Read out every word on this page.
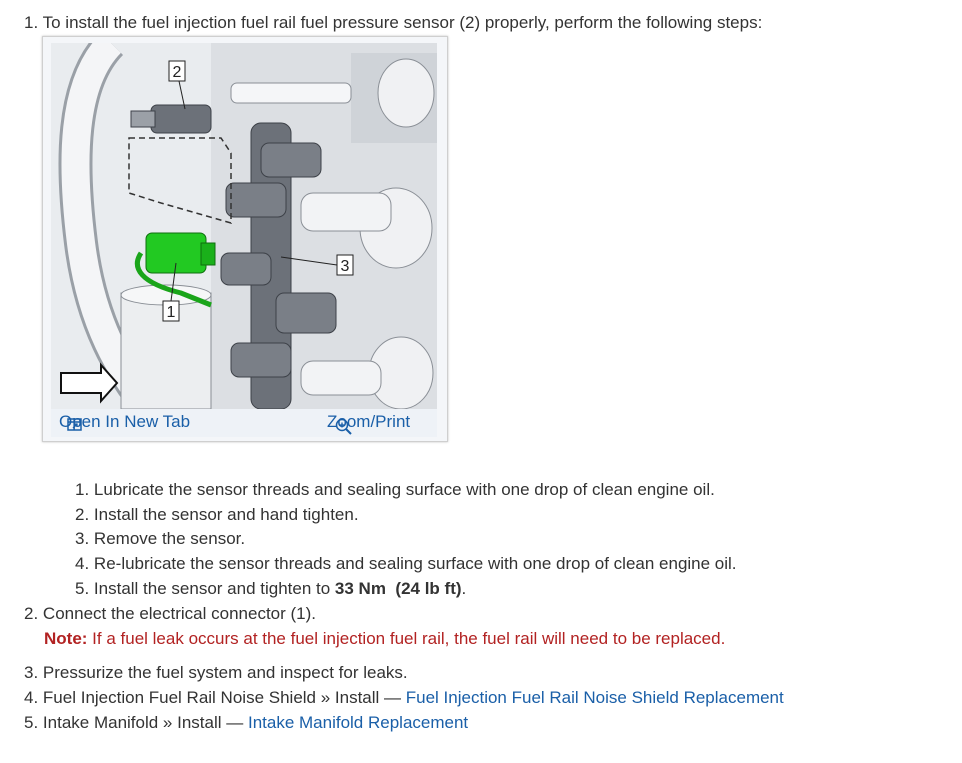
1. To install the fuel injection fuel rail fuel pressure sensor (2) properly, perform the following steps:
2
3
1
Open In New Tab	Zoom/Print
1. Lubricate the sensor threads and sealing surface with one drop of clean engine oil.
2. Install the sensor and hand tighten.
3. Remove the sensor.
4. Re-lubricate the sensor threads and sealing surface with one drop of clean engine oil.
5. Install the sensor and tighten to 33 Nm (24 lb ft).
2. Connect the electrical connector (1).
Note: If a fuel leak occurs at the fuel injection fuel rail, the fuel rail will need to be replaced.
3. Pressurize the fuel system and inspect for leaks.
4. Fuel Injection Fuel Rail Noise Shield » Install — Fuel Injection Fuel Rail Noise Shield Replacement
5. Intake Manifold » Install — Intake Manifold Replacement
